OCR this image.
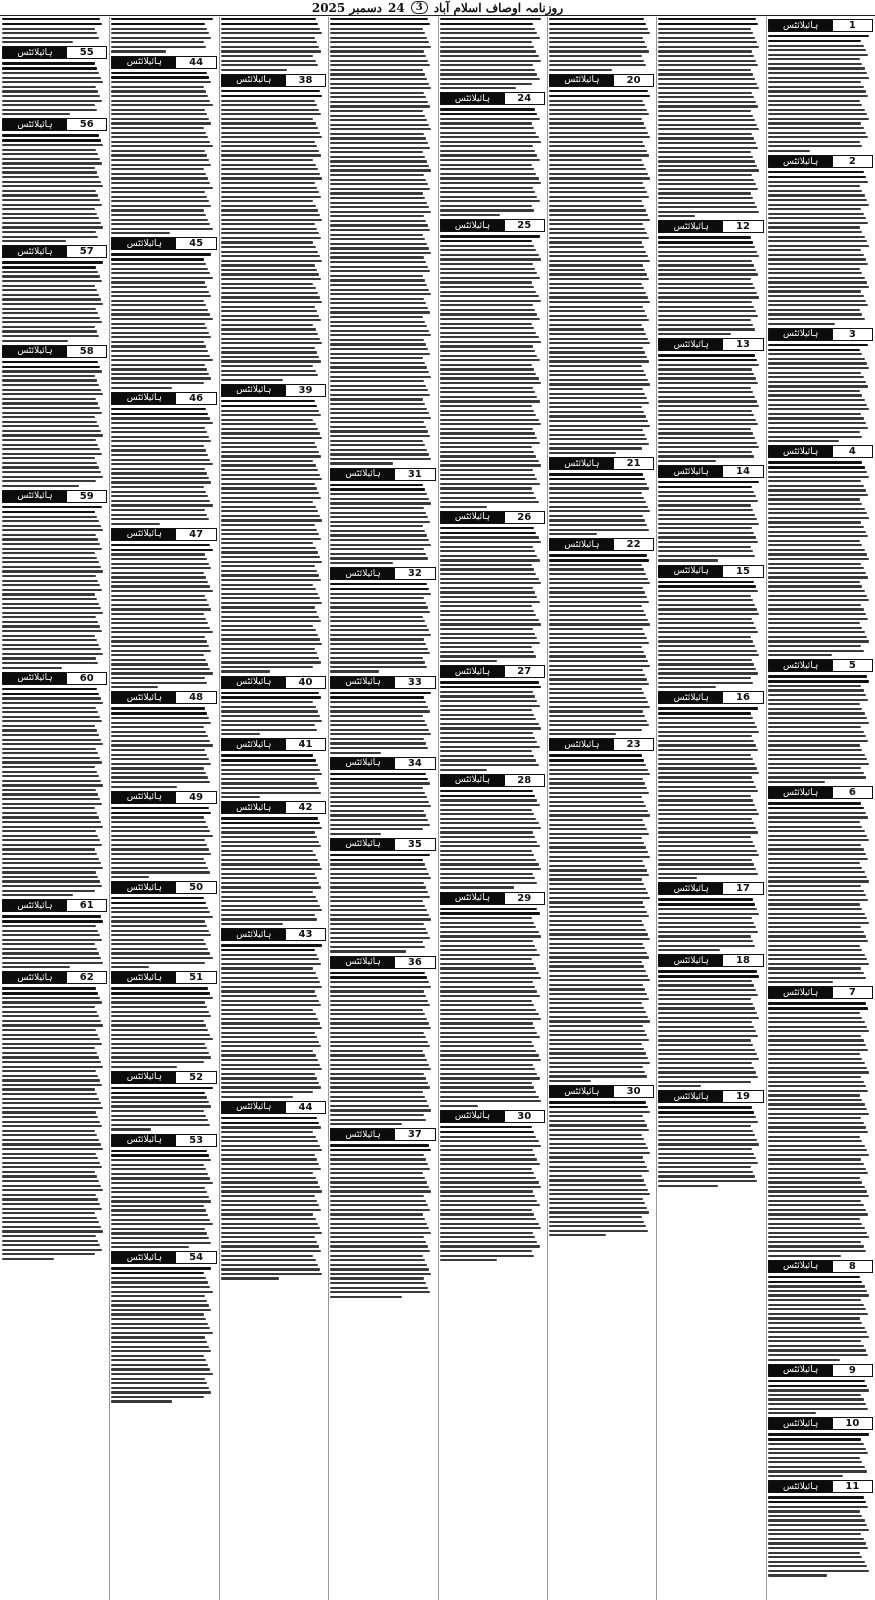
روزنامہ اوصاف اسلام آباد
3
24
دسمبر 2025
1
ہائیلائٹس
2
ہائیلائٹس
3
ہائیلائٹس
4
ہائیلائٹس
5
ہائیلائٹس
6
ہائیلائٹس
7
ہائیلائٹس
8
ہائیلائٹس
9
ہائیلائٹس
10
ہائیلائٹس
11
ہائیلائٹس
12
ہائیلائٹس
13
ہائیلائٹس
14
ہائیلائٹس
15
ہائیلائٹس
16
ہائیلائٹس
17
ہائیلائٹس
18
ہائیلائٹس
19
ہائیلائٹس
20
ہائیلائٹس
21
ہائیلائٹس
22
ہائیلائٹس
23
ہائیلائٹس
30
ہائیلائٹس
24
ہائیلائٹس
25
ہائیلائٹس
26
ہائیلائٹس
27
ہائیلائٹس
28
ہائیلائٹس
29
ہائیلائٹس
30
ہائیلائٹس
31
ہائیلائٹس
32
ہائیلائٹس
33
ہائیلائٹس
34
ہائیلائٹس
35
ہائیلائٹس
36
ہائیلائٹس
37
ہائیلائٹس
38
ہائیلائٹس
39
ہائیلائٹس
40
ہائیلائٹس
41
ہائیلائٹس
42
ہائیلائٹس
43
ہائیلائٹس
44
ہائیلائٹس
44
ہائیلائٹس
45
ہائیلائٹس
46
ہائیلائٹس
47
ہائیلائٹس
48
ہائیلائٹس
49
ہائیلائٹس
50
ہائیلائٹس
51
ہائیلائٹس
52
ہائیلائٹس
53
ہائیلائٹس
54
ہائیلائٹس
55
ہائیلائٹس
56
ہائیلائٹس
57
ہائیلائٹس
58
ہائیلائٹس
59
ہائیلائٹس
60
ہائیلائٹس
61
ہائیلائٹس
62
ہائیلائٹس
